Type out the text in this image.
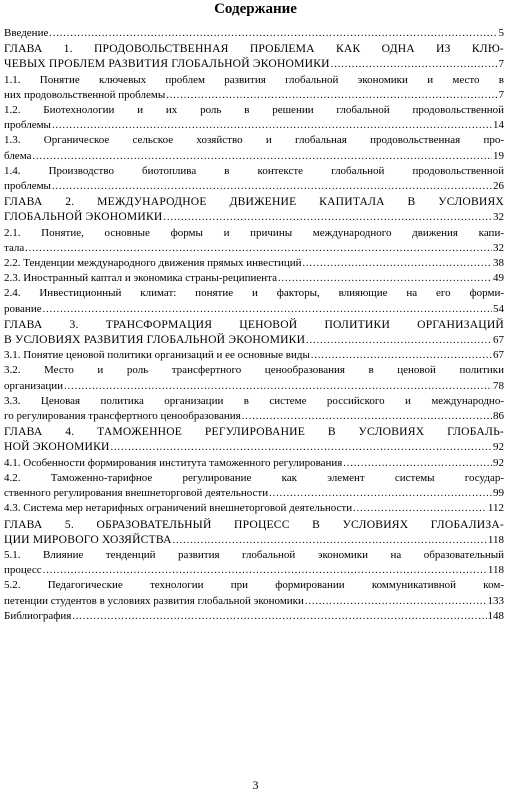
Содержание
Введение .....	5
ГЛАВА 1. ПРОДОВОЛЬСТВЕННАЯ ПРОБЛЕМА КАК ОДНА ИЗ КЛЮ-
ЧЕВЫХ ПРОБЛЕМ РАЗВИТИЯ ГЛОБАЛЬНОЙ ЭКОНОМИКИ .....	7
1.1. Понятие ключевых проблем развития глобальной экономики и место в
них продовольственной проблемы .....	7
1.2. Биотехнологии и их роль в решении глобальной продовольственной
проблемы .....	14
1.3. Органическое сельское хозяйство и глобальная продовольственная про-
блема .....	19
1.4. Производство биотоплива в контексте глобальной продовольственной
проблемы .....	26
ГЛАВА 2. МЕЖДУНАРОДНОЕ ДВИЖЕНИЕ КАПИТАЛА В УСЛОВИЯХ
ГЛОБАЛЬНОЙ ЭКОНОМИКИ .....	32
2.1. Понятие, основные формы и причины международного движения капи-
тала .....	32
2.2. Тенденции международного движения прямых инвестиций .....	38
2.3. Иностранный каптал и экономика страны-реципиента .....	49
2.4. Инвестиционный климат: понятие и факторы, влияющие на его форми-
рование .....	54
ГЛАВА 3. ТРАНСФОРМАЦИЯ ЦЕНОВОЙ ПОЛИТИКИ ОРГАНИЗАЦИЙ
В УСЛОВИЯХ РАЗВИТИЯ ГЛОБАЛЬНОЙ ЭКОНОМИКИ .....	67
3.1. Понятие ценовой политики организаций и ее основные виды .....	67
3.2. Место и роль трансфертного ценообразования в ценовой политики
организации .....	78
3.3. Ценовая политика организации в системе российского и международно-
го регулирования трансфертного ценообразования .....	86
ГЛАВА 4. ТАМОЖЕННОЕ РЕГУЛИРОВАНИЕ В УСЛОВИЯХ ГЛОБАЛЬ-
НОЙ ЭКОНОМИКИ .....	92
4.1. Особенности формирования института таможенного регулирования .....	92
4.2. Таможенно-тарифное регулирование как элемент системы государ-
ственного регулирования внешнеторговой деятельности .....	99
4.3. Система мер нетарифных ограничений внешнеторговой деятельности .....	112
ГЛАВА 5. ОБРАЗОВАТЕЛЬНЫЙ ПРОЦЕСС В УСЛОВИЯХ ГЛОБАЛИЗА-
ЦИИ МИРОВОГО ХОЗЯЙСТВА .....	118
5.1. Влияние тенденций развития глобальной экономики на образовательный
процесс .....	118
5.2. Педагогические технологии при формировании коммуникативной ком-
петенции студентов в условиях развития глобальной экономики .....	133
Библиография .....	148
3
